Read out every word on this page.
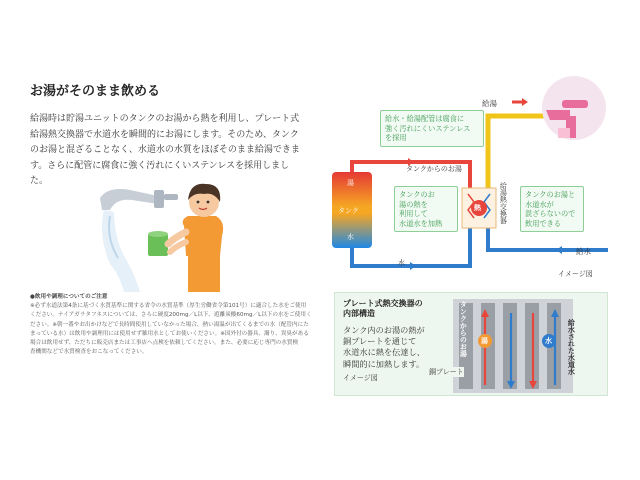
お湯がそのまま飲める
給湯時は貯湯ユニットのタンクのお湯から熱を利用し、プレート式
給湯熱交換器で水道水を瞬間的にお湯にします。そのため、タンク
のお湯と混ざることなく、水道水の水質をほぼそのまま給湯できま
す。さらに配管に腐食に強く汚れにくいステンレスを採用しまし
た。
●飲用や調理についてのご注意
※必ず水道法第4条に基づく水質基準に関する省令の水質基準（厚生労働省令第101号）に適合した水をご使用
ください。ナイアガラタフネスについては、さらに硬度200mg／L以下、遊離炭酸60mg／L以下の水をご使用く
ださい。※朝一番やお出かけなどで長時間使用していなかった場合、熱い湯温が出てくるまでの水（配管内にた
まっている水）は飲用や調理用には使用せず雑用水としてお使いください。※国外付の器具、濁り、異臭がある
場合は飲用せず、ただちに販売店または工事店へ点検を依頼してください。また、必要に応じ専門の水質検
査機関などで水質検査をおこなってください。
湯
タンク
水
給湯
タンクからのお湯
水
給水
熱	給湯熱交換器
イメージ図
給水・給湯配管は腐食に
強く汚れにくいステンレス
を採用
タンクのお
湯の熱を
利用して
水道水を加熱
タンクのお湯と
水道水が
混ざらないので
飲用できる
プレート式熱交換器の
内部構造
タンク内のお湯の熱が
銅プレートを通じて
水道水に熱を伝達し、
瞬間的に加熱します。
イメージ図
タンクからのお湯 湯	水
銅プレート	給水された水道水
